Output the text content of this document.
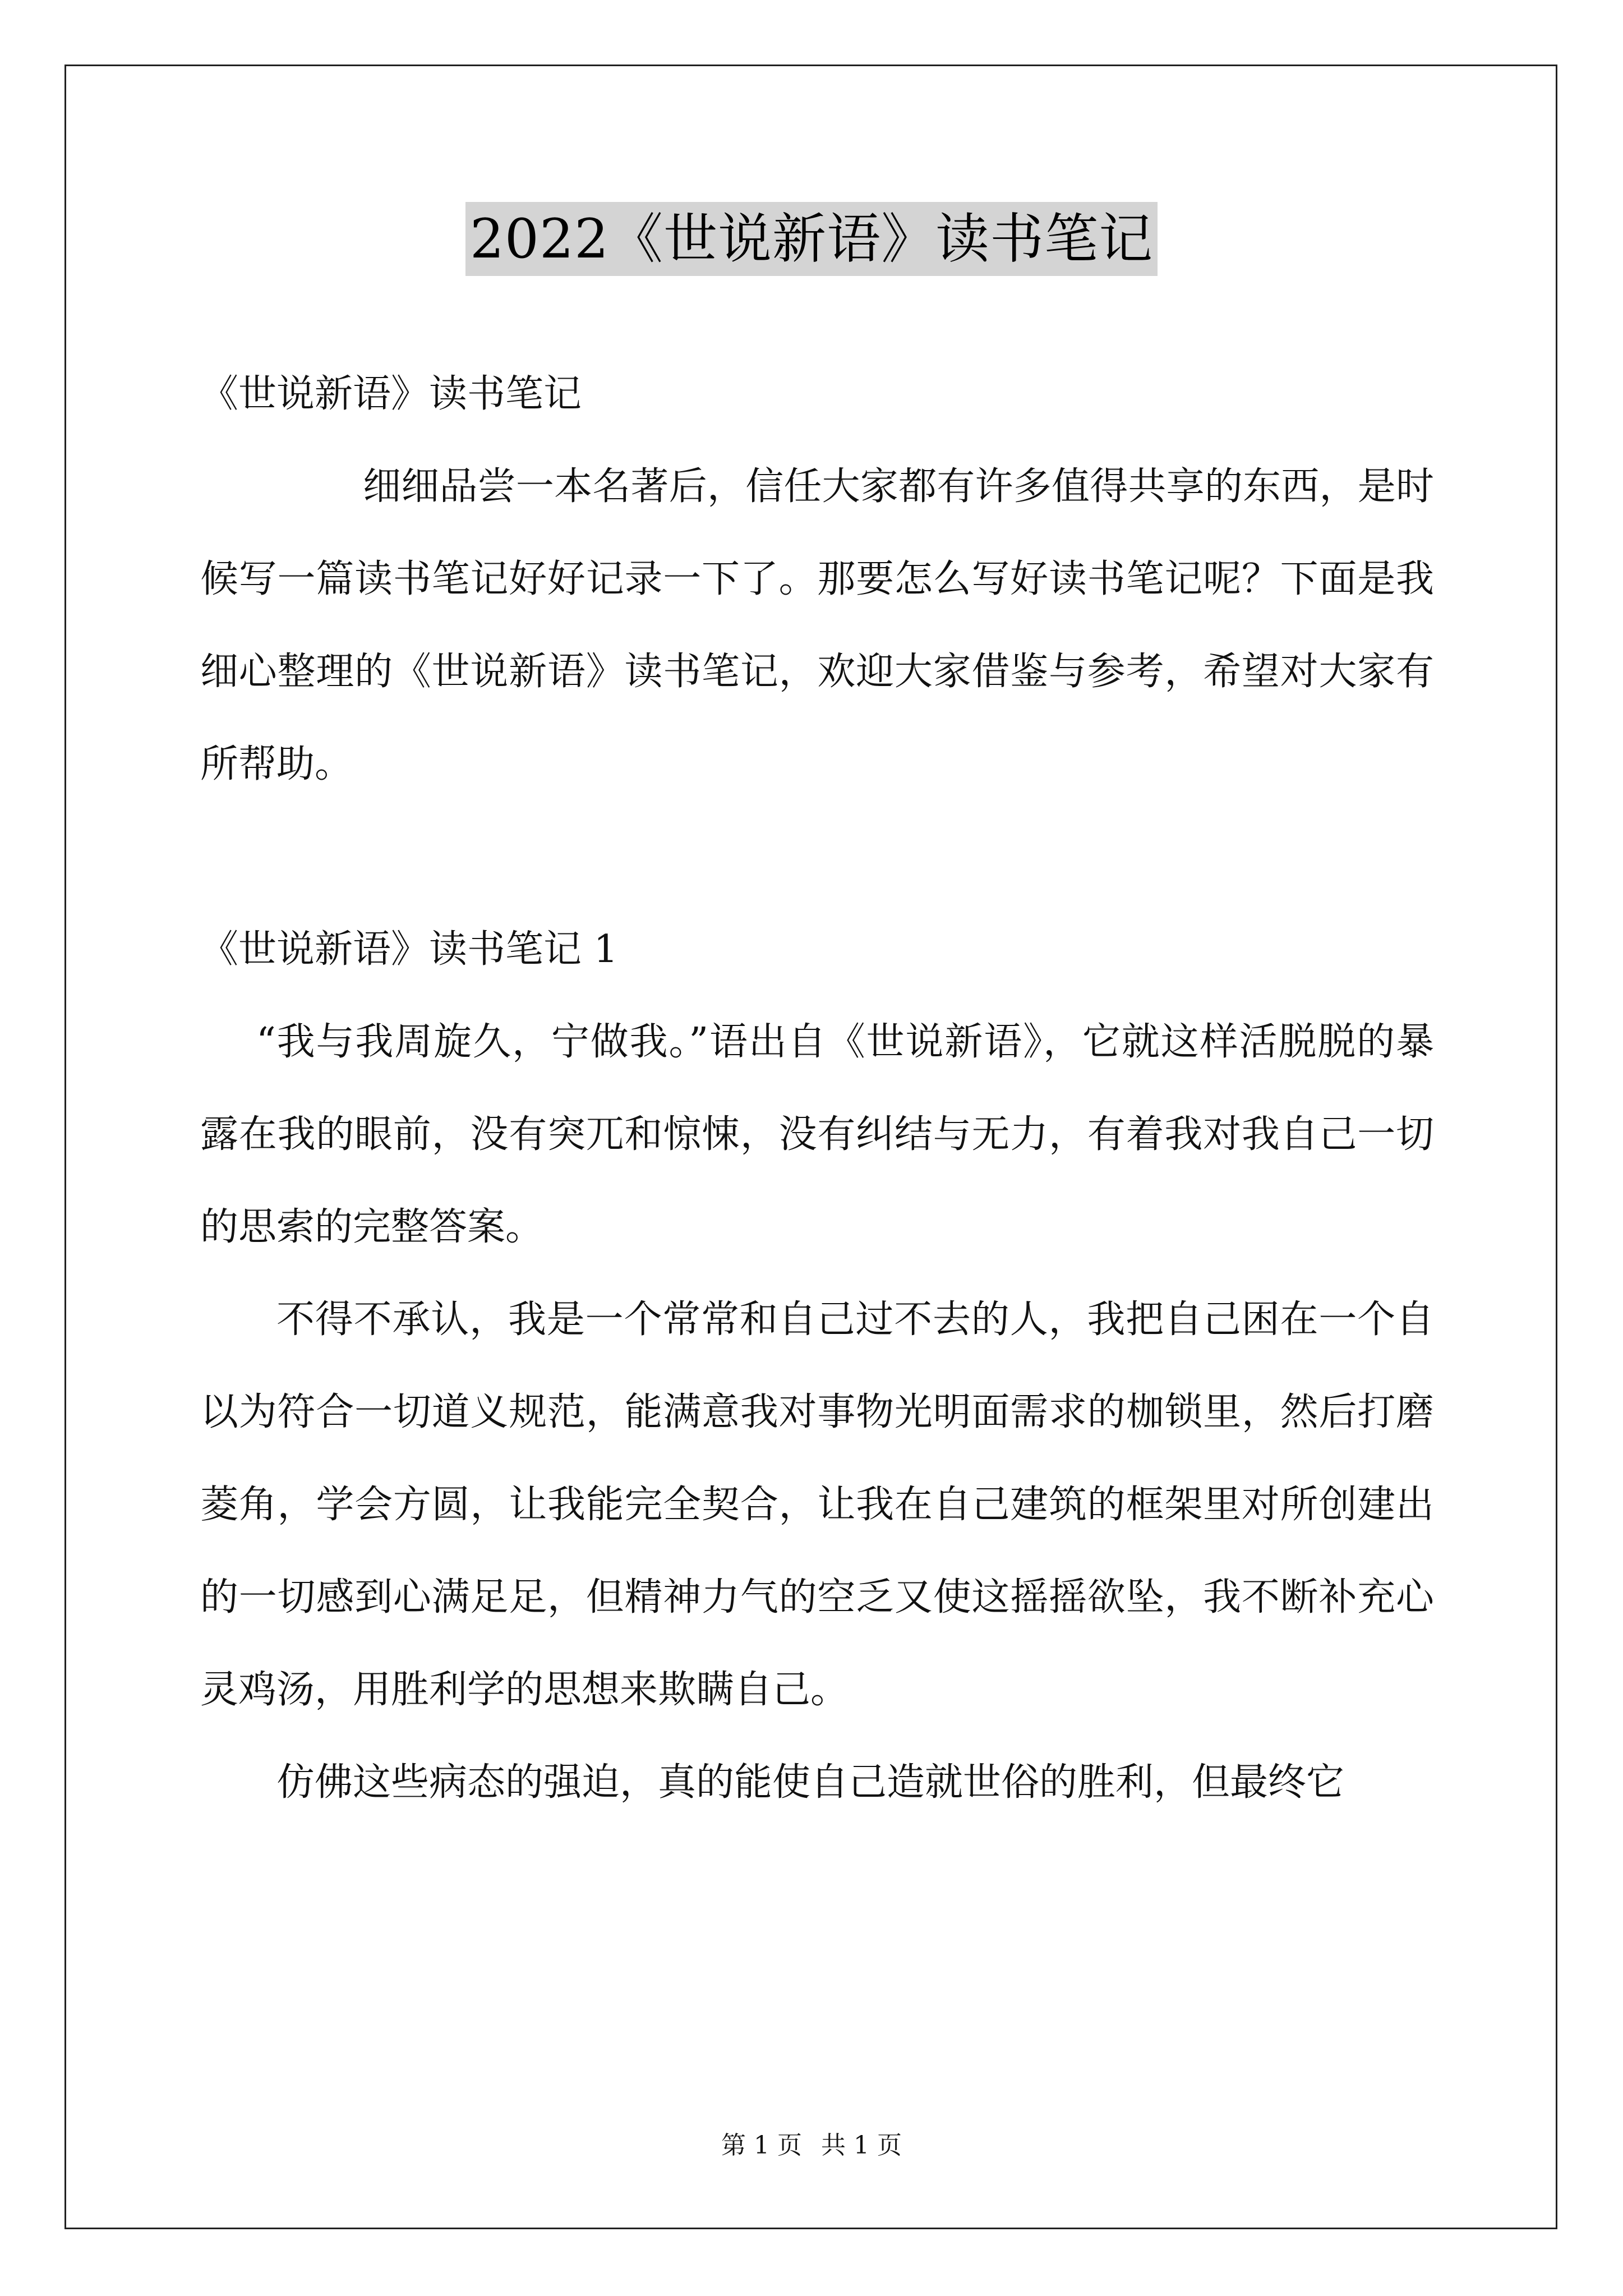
2022《世说新语》读书笔记
《世说新语》读书笔记

细细品尝一本名著后，信任大家都有许多值得共享的东西，是时候写一篇读书笔记好好记录一下了。那要怎么写好读书笔记呢？下面是我细心整理的《世说新语》读书笔记，欢迎大家借鉴与参考，希望对大家有所帮助。

《世说新语》读书笔记 1

“我与我周旋久，宁做我。”语出自《世说新语》，它就这样活脱脱的暴露在我的眼前，没有突兀和惊悚，没有纠结与无力，有着我对我自己一切的思索的完整答案。

不得不承认，我是一个常常和自己过不去的人，我把自己困在一个自以为符合一切道义规范，能满意我对事物光明面需求的枷锁里，然后打磨菱角，学会方圆，让我能完全契合，让我在自己建筑的框架里对所创建出的一切感到心满足足，但精神力气的空乏又使这摇摇欲坠，我不断补充心灵鸡汤，用胜利学的思想来欺瞒自己。

仿佛这些病态的强迫，真的能使自己造就世俗的胜利，但最终它

第 1 页 共 1 页
